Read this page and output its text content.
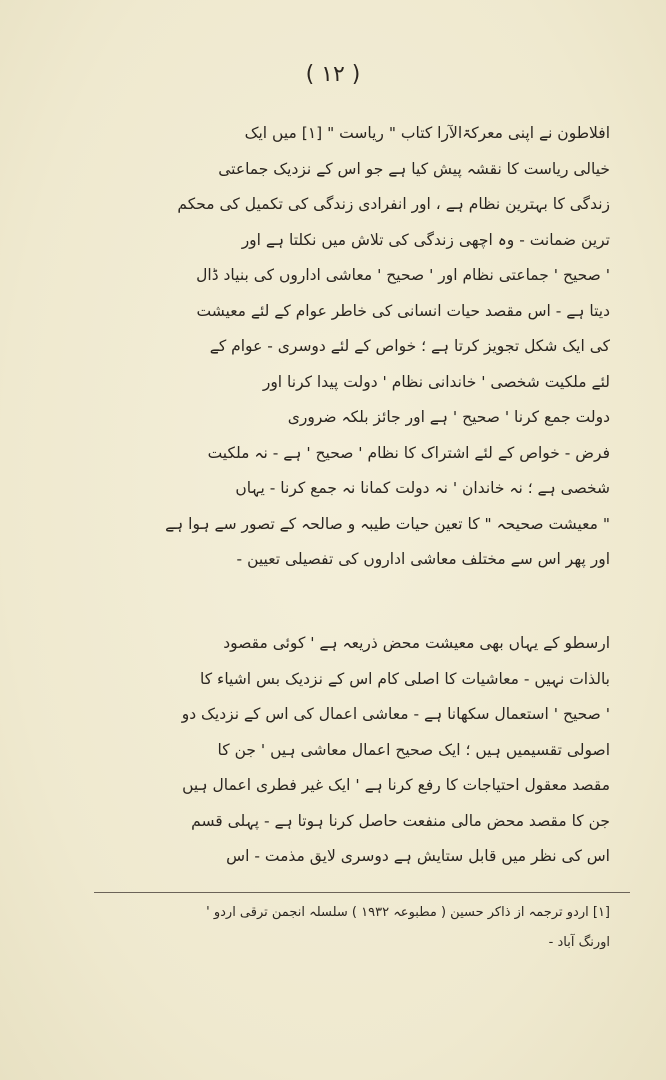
( ۱۲ )
افلاطون نے اپنی معرکۃالآرا کتاب " ریاست " [۱] میں ایک
خیالی ریاست کا نقشہ پیش کیا ہے جو اس کے نزدیک جماعتی
زندگی کا بہترین نظام ہے ، اور انفرادی زندگی کی تکمیل کی محکم
ترین ضمانت - وہ اچھی زندگی کی تلاش میں نکلتا ہے اور
' صحیح ' جماعتی نظام اور ' صحیح ' معاشی اداروں کی بنیاد ڈال
دیتا ہے - اس مقصد حیات انسانی کی خاطر عوام کے لئے معیشت
کی ایک شکل تجویز کرتا ہے ؛ خواص کے لئے دوسری - عوام کے
لئے ملکیت شخصی ' خاندانی نظام ' دولت پیدا کرنا اور
دولت جمع کرنا ' صحیح ' ہے اور جائز بلکہ ضروری
فرض - خواص کے لئے اشتراک کا نظام ' صحیح ' ہے - نہ ملکیت
شخصی ہے ؛ نہ خاندان ' نہ دولت کمانا نہ جمع کرنا - یہاں
" معیشت صحیحہ " کا تعین حیات طیبہ و صالحہ کے تصور سے ہوا ہے
اور پھر اس سے مختلف معاشی اداروں کی تفصیلی تعیین -
ارسطو کے یہاں بھی معیشت محض ذریعہ ہے ' کوئی مقصود
بالذات نہیں - معاشیات کا اصلی کام اس کے نزدیک بس اشیاء کا
' صحیح ' استعمال سکھانا ہے - معاشی اعمال کی اس کے نزدیک دو
اصولی تقسیمیں ہیں ؛ ایک صحیح اعمال معاشی ہیں ' جن کا
مقصد معقول احتیاجات کا رفع کرنا ہے ' ایک غیر فطری اعمال ہیں
جن کا مقصد محض مالی منفعت حاصل کرنا ہوتا ہے - پہلی قسم
اس کی نظر میں قابل ستایش ہے دوسری لایق مذمت - اس
[۱] اردو ترجمہ از ذاکر حسین ( مطبوعہ ۱۹۳۲ ) سلسلہ انجمن ترقی اردو '
اورنگ آباد -
